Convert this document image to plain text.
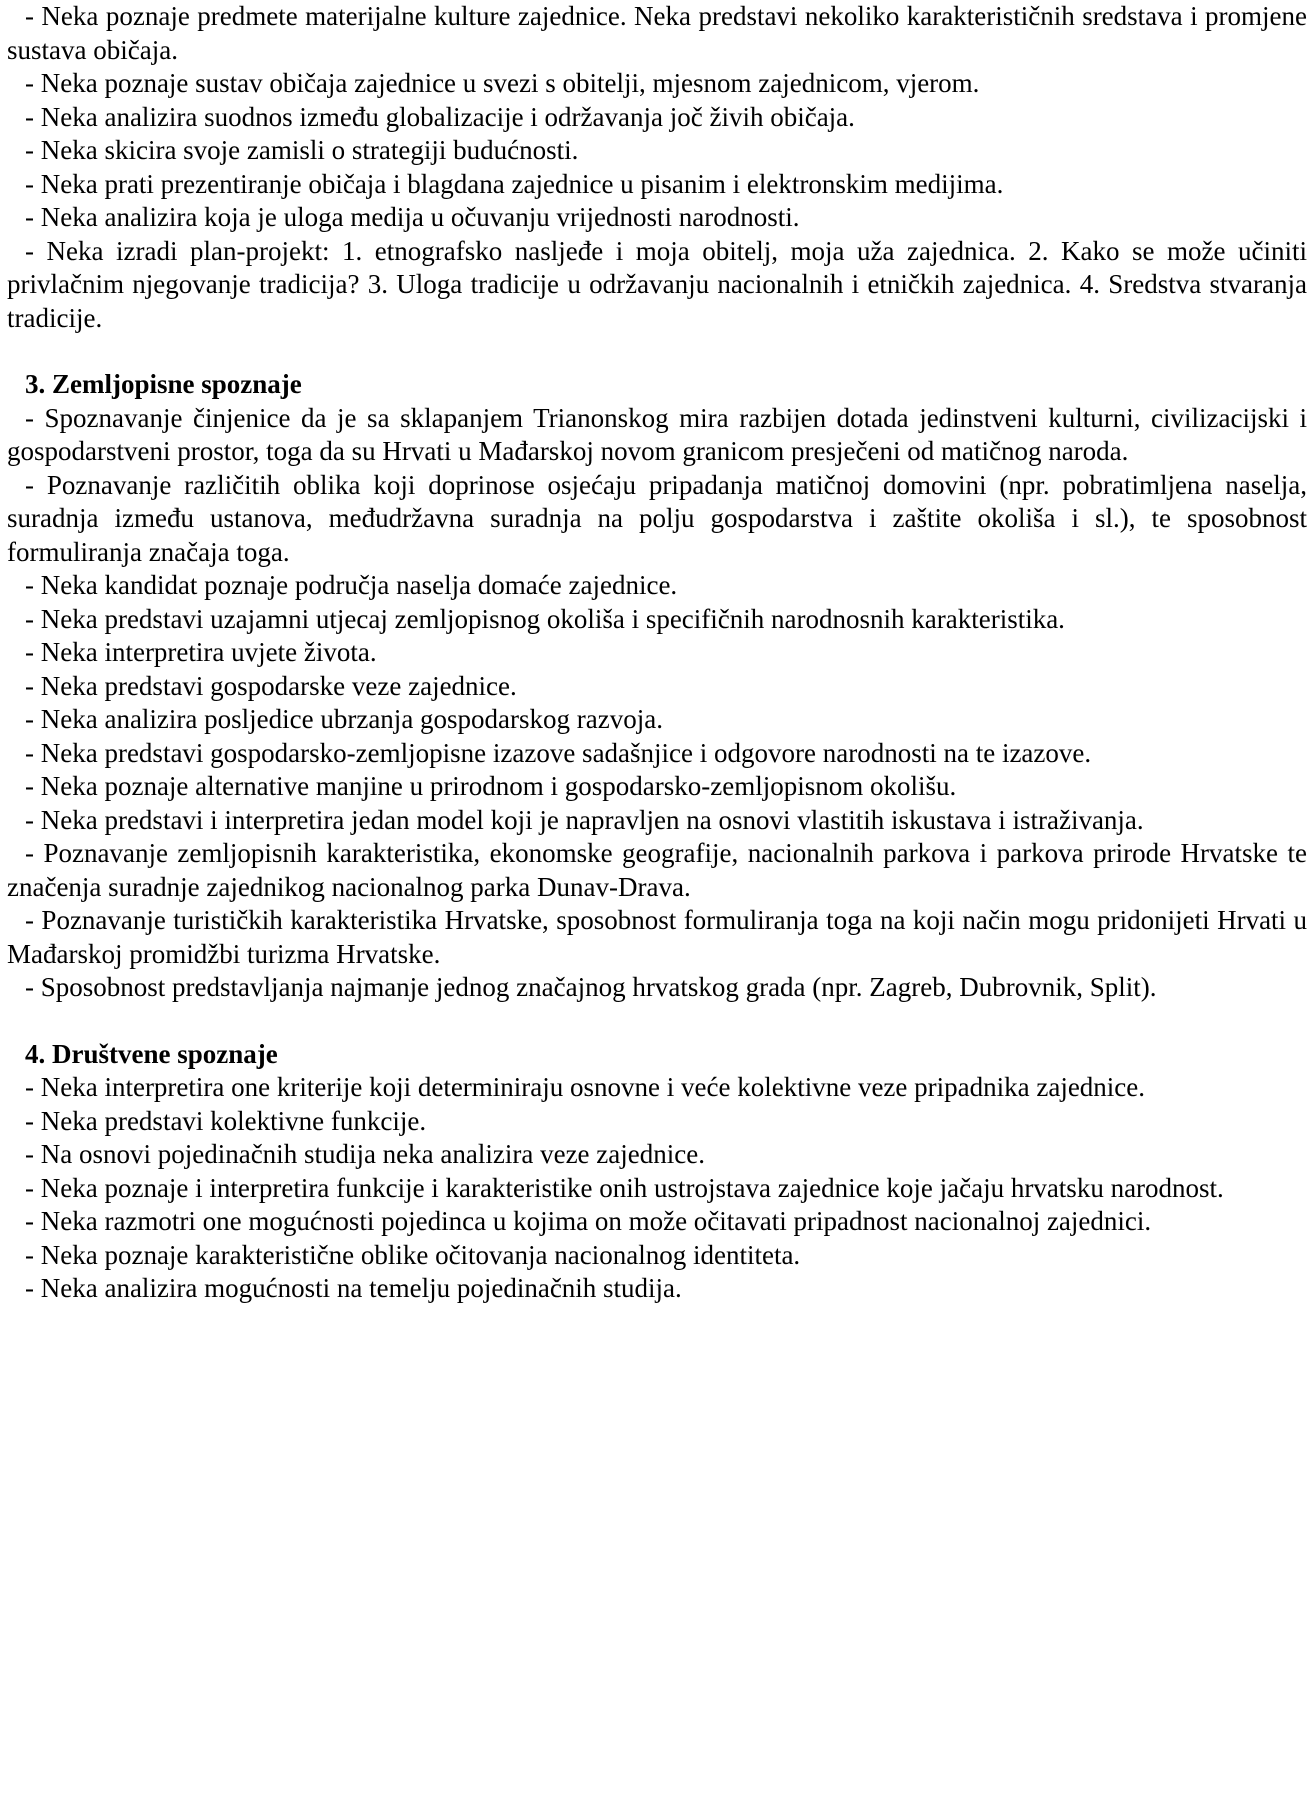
- Neka poznaje predmete materijalne kulture zajednice. Neka predstavi nekoliko karakterističnih sredstava i promjene sustava običaja.

- Neka poznaje sustav običaja zajednice u svezi s obitelji, mjesnom zajednicom, vjerom.

- Neka analizira suodnos između globalizacije i održavanja joč živih običaja.

- Neka skicira svoje zamisli o strategiji budućnosti.

- Neka prati prezentiranje običaja i blagdana zajednice u pisanim i elektronskim medijima.

- Neka analizira koja je uloga medija u očuvanju vrijednosti narodnosti.

- Neka izradi plan-projekt: 1. etnografsko nasljeđe i moja obitelj, moja uža zajednica. 2. Kako se može učiniti privlačnim njegovanje tradicija? 3. Uloga tradicije u održavanju nacionalnih i etničkih zajednica. 4. Sredstva stvaranja tradicije.

3. Zemljopisne spoznaje

- Spoznavanje činjenice da je sa sklapanjem Trianonskog mira razbijen dotada jedinstveni kulturni, civilizacijski i gospodarstveni prostor, toga da su Hrvati u Mađarskoj novom granicom presječeni od matičnog naroda.

- Poznavanje različitih oblika koji doprinose osjećaju pripadanja matičnoj domovini (npr. pobratimljena naselja, suradnja između ustanova, međudržavna suradnja na polju gospodarstva i zaštite okoliša i sl.), te sposobnost formuliranja značaja toga.

- Neka kandidat poznaje područja naselja domaće zajednice.

- Neka predstavi uzajamni utjecaj zemljopisnog okoliša i specifičnih narodnosnih karakteristika.

- Neka interpretira uvjete života.

- Neka predstavi gospodarske veze zajednice.

- Neka analizira posljedice ubrzanja gospodarskog razvoja.

- Neka predstavi gospodarsko-zemljopisne izazove sadašnjice i odgovore narodnosti na te izazove.

- Neka poznaje alternative manjine u prirodnom i gospodarsko-zemljopisnom okolišu.

- Neka predstavi i interpretira jedan model koji je napravljen na osnovi vlastitih iskustava i istraživanja.

- Poznavanje zemljopisnih karakteristika, ekonomske geografije, nacionalnih parkova i parkova prirode Hrvatske te značenja suradnje zajednikog nacionalnog parka Dunav-Drava.

- Poznavanje turističkih karakteristika Hrvatske, sposobnost formuliranja toga na koji način mogu pridonijeti Hrvati u Mađarskoj promidžbi turizma Hrvatske.

- Sposobnost predstavljanja najmanje jednog značajnog hrvatskog grada (npr. Zagreb, Dubrovnik, Split).

4. Društvene spoznaje

- Neka interpretira one kriterije koji determiniraju osnovne i veće kolektivne veze pripadnika zajednice.

- Neka predstavi kolektivne funkcije.

- Na osnovi pojedinačnih studija neka analizira veze zajednice.

- Neka poznaje i interpretira funkcije i karakteristike onih ustrojstava zajednice koje jačaju hrvatsku narodnost.

- Neka razmotri one mogućnosti pojedinca u kojima on može očitavati pripadnost nacionalnoj zajednici.

- Neka poznaje karakteristične oblike očitovanja nacionalnog identiteta.

- Neka analizira mogućnosti na temelju pojedinačnih studija.
